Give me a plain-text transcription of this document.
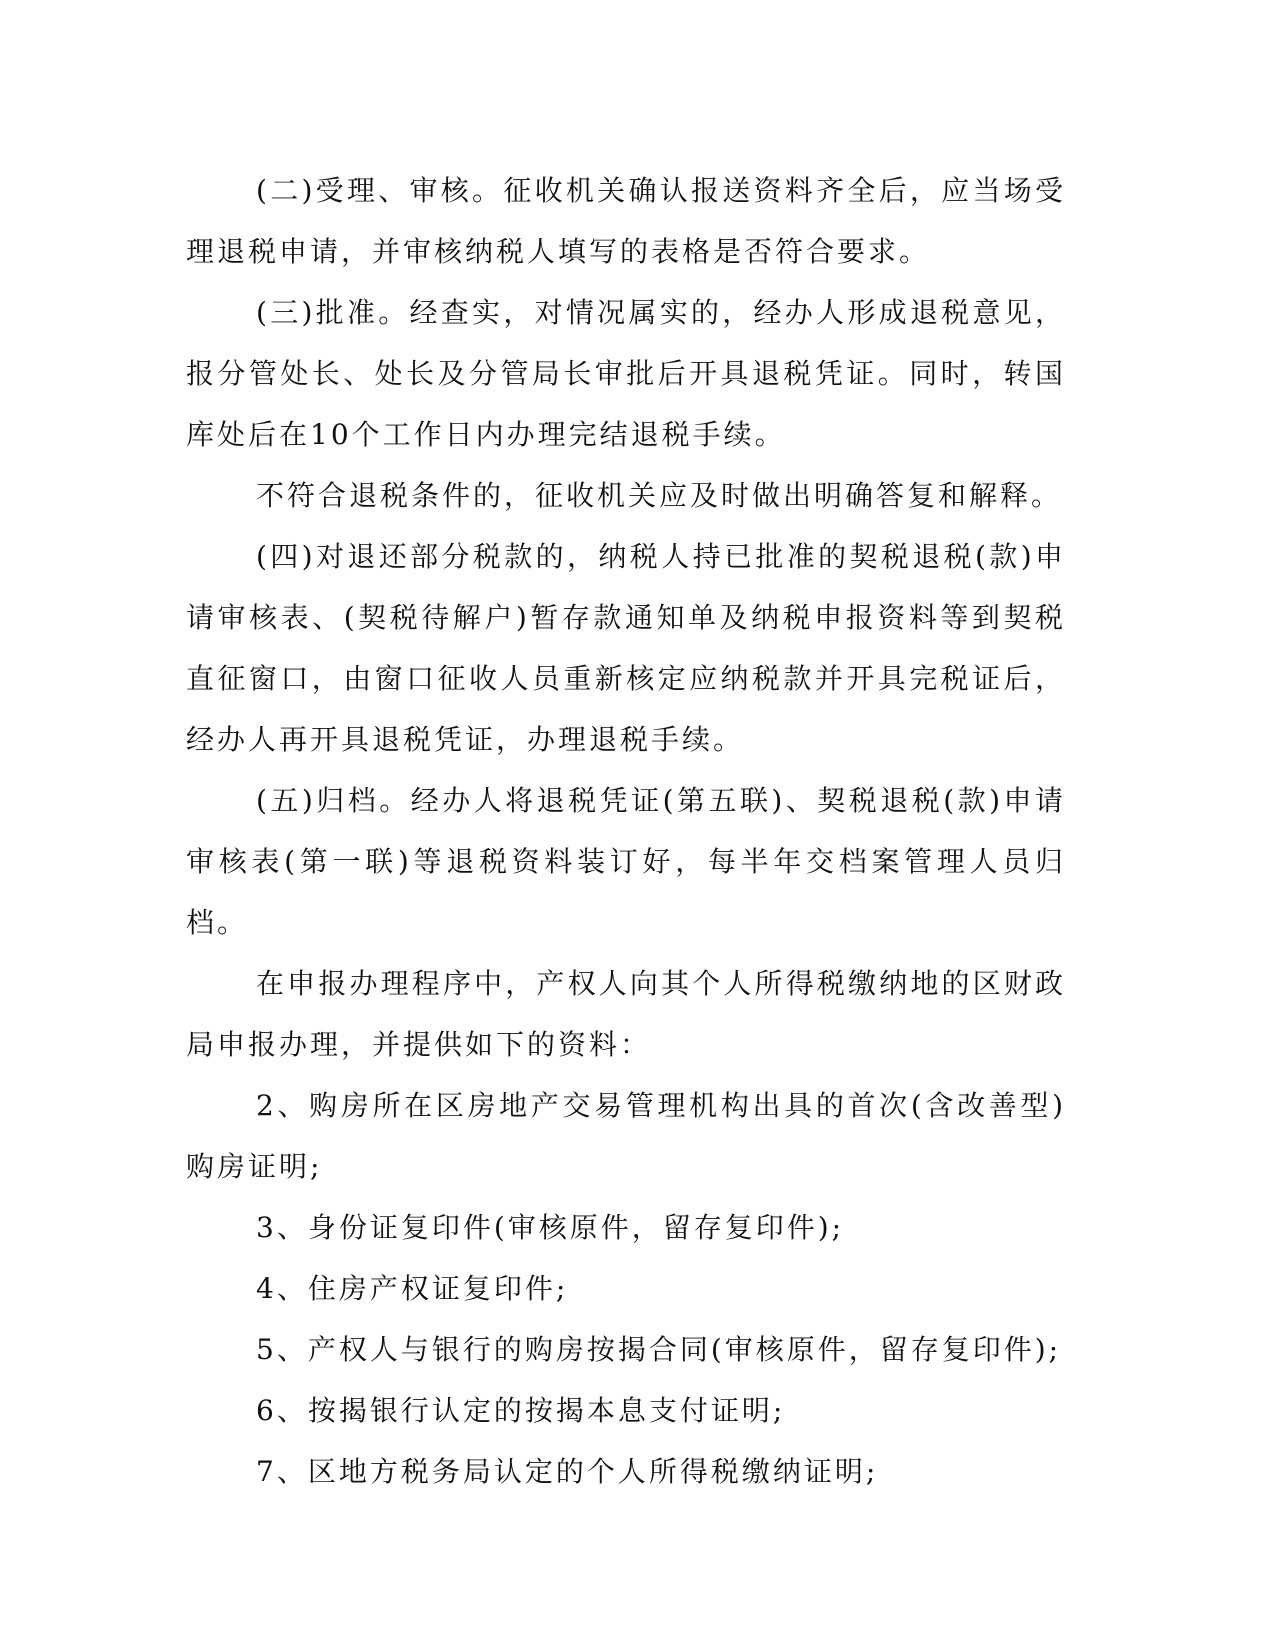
(二)受理、审核。征收机关确认报送资料齐全后，应当场受理退税申请，并审核纳税人填写的表格是否符合要求。

(三)批准。经查实，对情况属实的，经办人形成退税意见，报分管处长、处长及分管局长审批后开具退税凭证。同时，转国库处后在10个工作日内办理完结退税手续。

不符合退税条件的，征收机关应及时做出明确答复和解释。

(四)对退还部分税款的，纳税人持已批准的契税退税(款)申请审核表、(契税待解户)暂存款通知单及纳税申报资料等到契税直征窗口，由窗口征收人员重新核定应纳税款并开具完税证后，经办人再开具退税凭证，办理退税手续。

(五)归档。经办人将退税凭证(第五联)、契税退税(款)申请审核表(第一联)等退税资料装订好，每半年交档案管理人员归档。

在申报办理程序中，产权人向其个人所得税缴纳地的区财政局申报办理，并提供如下的资料：

2、购房所在区房地产交易管理机构出具的首次(含改善型)购房证明;

3、身份证复印件(审核原件，留存复印件);

4、住房产权证复印件;

5、产权人与银行的购房按揭合同(审核原件，留存复印件);

6、按揭银行认定的按揭本息支付证明;

7、区地方税务局认定的个人所得税缴纳证明;
